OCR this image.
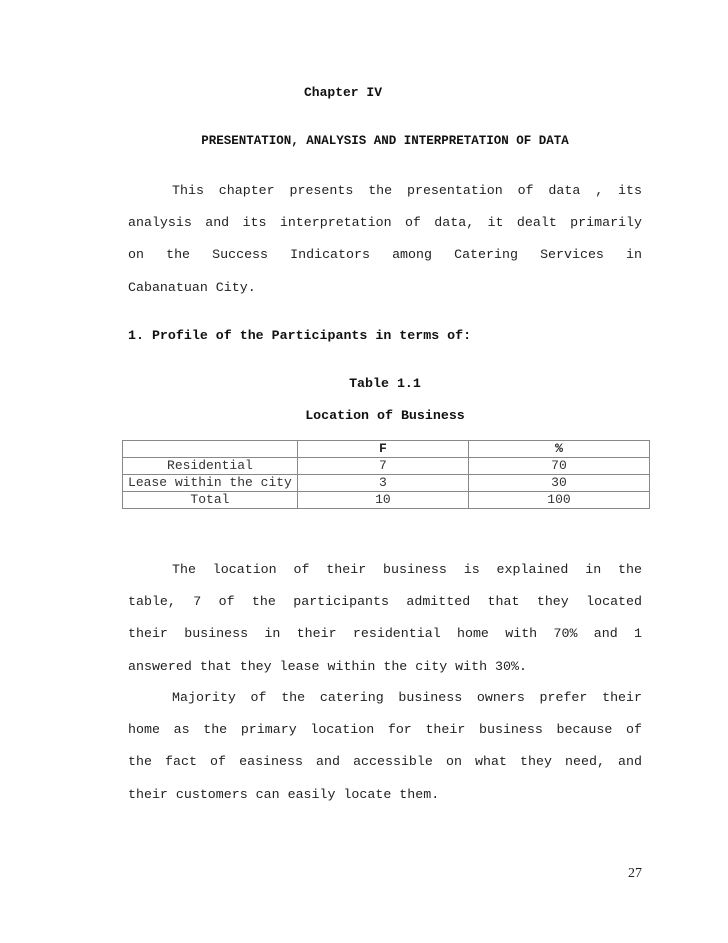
Chapter IV
PRESENTATION, ANALYSIS AND INTERPRETATION OF DATA
This chapter presents the presentation of data , its
analysis and its interpretation of data, it dealt primarily
on the Success Indicators among Catering Services in
Cabanatuan City.
1. Profile of the Participants in terms of:
Table 1.1
Location of Business
	F	%
Residential	7	70
Lease within the city	3	30
Total	10	100
The location of their business is explained in the
table, 7 of the participants admitted that they located
their business in their residential home with 70% and 1
answered that they lease within the city with 30%.
Majority of the catering business owners prefer their
home as the primary location for their business because of
the fact of easiness and accessible on what they need, and
their customers can easily locate them.
27
